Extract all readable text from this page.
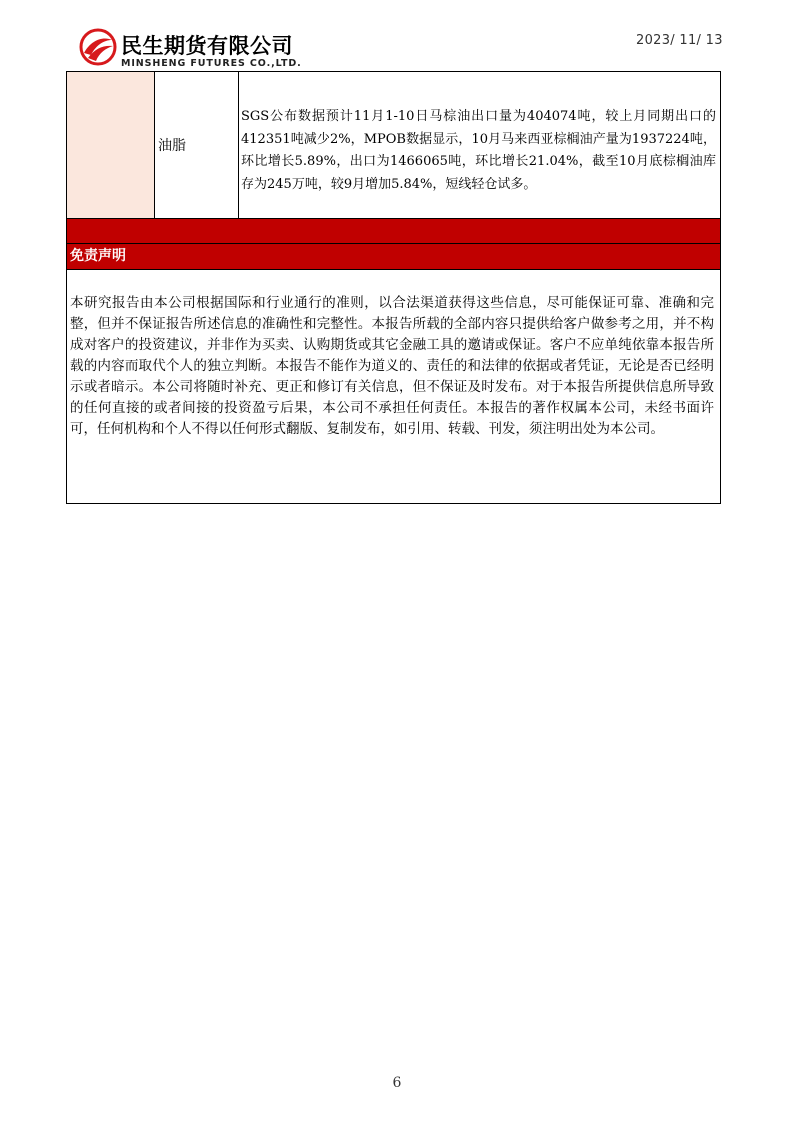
民生期货有限公司
MINSHENG FUTURES CO.,LTD.
2023/ 11/ 13
油脂
SGS公布数据预计11月1-10日马棕油出口量为404074吨，较上月同期出口的412351吨减少2%，MPOB数据显示，10月马来西亚棕榈油产量为1937224吨，环比增长5.89%，出口为1466065吨，环比增长21.04%，截至10月底棕榈油库存为245万吨，较9月增加5.84%，短线轻仓试多。
免责声明
本研究报告由本公司根据国际和行业通行的准则，以合法渠道获得这些信息，尽可能保证可靠、准确和完整，但并不保证报告所述信息的准确性和完整性。本报告所载的全部内容只提供给客户做参考之用，并不构成对客户的投资建议，并非作为买卖、认购期货或其它金融工具的邀请或保证。客户不应单纯依靠本报告所载的内容而取代个人的独立判断。本报告不能作为道义的、责任的和法律的依据或者凭证，无论是否已经明示或者暗示。本公司将随时补充、更正和修订有关信息，但不保证及时发布。对于本报告所提供信息所导致的任何直接的或者间接的投资盈亏后果，本公司不承担任何责任。本报告的著作权属本公司，未经书面许可，任何机构和个人不得以任何形式翻版、复制发布，如引用、转载、刊发，须注明出处为本公司。
6
